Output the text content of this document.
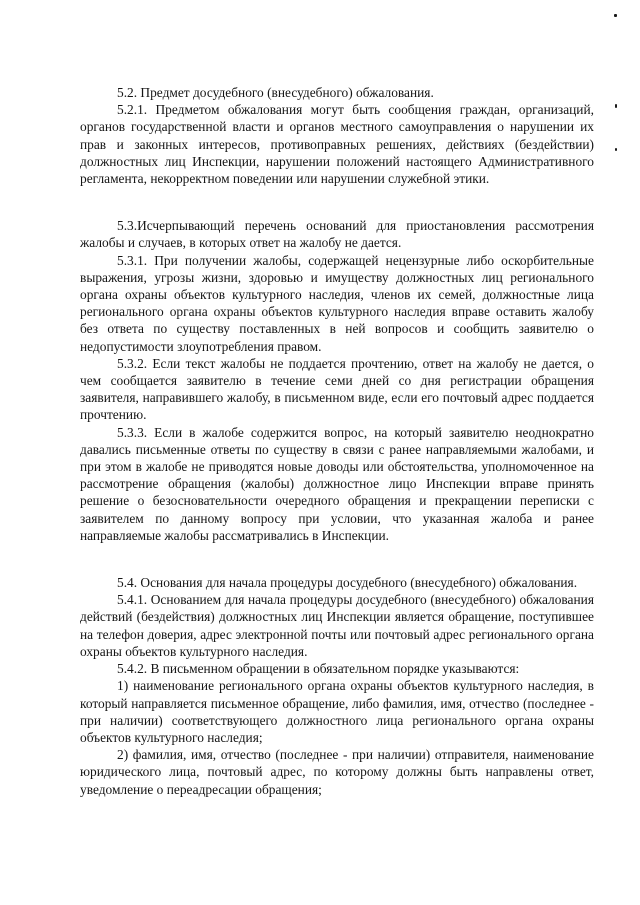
5.2. Предмет досудебного (внесудебного) обжалования.

5.2.1. Предметом обжалования могут быть сообщения граждан, организаций, органов государственной власти и органов местного самоуправления о нарушении их прав и законных интересов, противоправных решениях, действиях (бездействии) должностных лиц Инспекции, нарушении положений настоящего Административного регламента, некорректном поведении или нарушении служебной этики.

5.3.Исчерпывающий перечень оснований для приостановления рассмотрения жалобы и случаев, в которых ответ на жалобу не дается.

5.3.1. При получении жалобы, содержащей нецензурные либо оскорбительные выражения, угрозы жизни, здоровью и имуществу должностных лиц регионального органа охраны объектов культурного наследия, членов их семей, должностные лица регионального органа охраны объектов культурного наследия вправе оставить жалобу без ответа по существу поставленных в ней вопросов и сообщить заявителю о недопустимости злоупотребления правом.

5.3.2. Если текст жалобы не поддается прочтению, ответ на жалобу не дается, о чем сообщается заявителю в течение семи дней со дня регистрации обращения заявителя, направившего жалобу, в письменном виде, если его почтовый адрес поддается прочтению.

5.3.3. Если в жалобе содержится вопрос, на который заявителю неоднократно давались письменные ответы по существу в связи с ранее направляемыми жалобами, и при этом в жалобе не приводятся новые доводы или обстоятельства, уполномоченное на рассмотрение обращения (жалобы) должностное лицо Инспекции вправе принять решение о безосновательности очередного обращения и прекращении переписки с заявителем по данному вопросу при условии, что указанная жалоба и ранее направляемые жалобы рассматривались в Инспекции.

5.4. Основания для начала процедуры досудебного (внесудебного) обжалования.

5.4.1. Основанием для начала процедуры досудебного (внесудебного) обжалования действий (бездействия) должностных лиц Инспекции является обращение, поступившее на телефон доверия, адрес электронной почты или почтовый адрес регионального органа охраны объектов культурного наследия.

5.4.2. В письменном обращении в обязательном порядке указываются:

1) наименование регионального органа охраны объектов культурного наследия, в который направляется письменное обращение, либо фамилия, имя, отчество (последнее - при наличии) соответствующего должностного лица регионального органа охраны объектов культурного наследия;

2) фамилия, имя, отчество (последнее - при наличии) отправителя, наименование юридического лица, почтовый адрес, по которому должны быть направлены ответ, уведомление о переадресации обращения;
